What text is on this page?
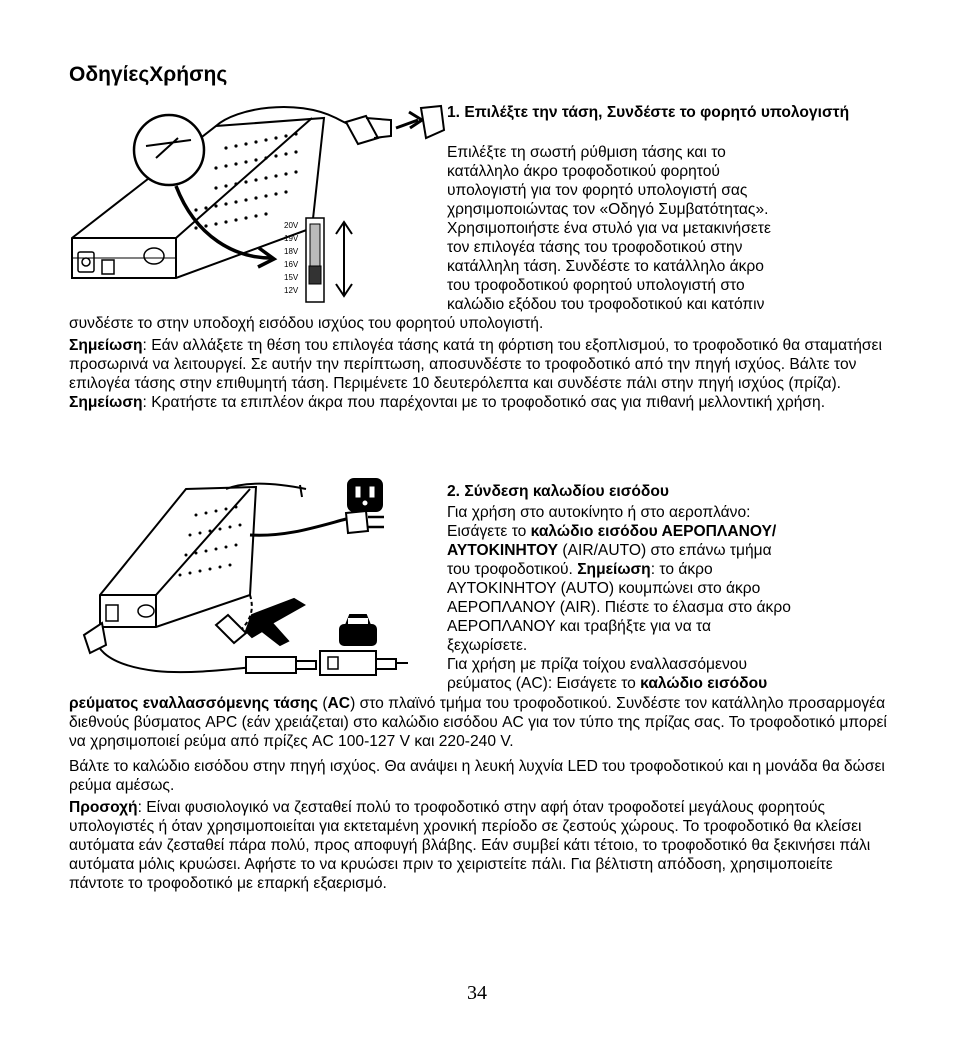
ΟδηγίεςΧρήσης
20V
19V
18V
16V
15V
12V
1. Επιλέξτε την τάση, Συνδέστε το φορητό υπολογιστή
Επιλέξτε τη σωστή ρύθμιση τάσης και το
κατάλληλο άκρο τροφοδοτικού φορητού
υπολογιστή για τον φορητό υπολογιστή σας
χρησιμοποιώντας τον «Οδηγό Συμβατότητας».
Χρησιμοποιήστε ένα στυλό για να μετακινήσετε
τον επιλογέα τάσης του τροφοδοτικού στην
κατάλληλη τάση. Συνδέστε το κατάλληλο άκρο
του τροφοδοτικού φορητού υπολογιστή στο
καλώδιο εξόδου του τροφοδοτικού και κατόπιν
συνδέστε το στην υποδοχή εισόδου ισχύος του φορητού υπολογιστή.
Σημείωση: Εάν αλλάξετε τη θέση του επιλογέα τάσης κατά τη φόρτιση του εξοπλισμού, το τροφοδοτικό θα σταματήσει προσωρινά να λειτουργεί. Σε αυτήν την περίπτωση, αποσυνδέστε το τροφοδοτικό από την πηγή ισχύος. Βάλτε τον επιλογέα τάσης στην επιθυμητή τάση. Περιμένετε 10 δευτερόλεπτα και συνδέστε πάλι στην πηγή ισχύος (πρίζα).
Σημείωση: Κρατήστε τα επιπλέον άκρα που παρέχονται με το τροφοδοτικό σας για πιθανή μελλοντική χρήση.
2. Σύνδεση καλωδίου εισόδου
Για χρήση στο αυτοκίνητο ή στο αεροπλάνο:
Εισάγετε το καλώδιο εισόδου ΑΕΡΟΠΛΑΝΟΥ/
ΑΥΤΟΚΙΝΗΤΟΥ (AIR/AUTO) στο επάνω τμήμα
του τροφοδοτικού. Σημείωση: το άκρο
ΑΥΤΟΚΙΝΗΤΟΥ (AUTO) κουμπώνει στο άκρο
ΑΕΡΟΠΛΑΝΟΥ (AIR). Πιέστε το έλασμα στο άκρο
ΑΕΡΟΠΛΑΝΟΥ και τραβήξτε για να τα
ξεχωρίσετε.
Για χρήση με πρίζα τοίχου εναλλασσόμενου
ρεύματος (AC): Εισάγετε το καλώδιο εισόδου
ρεύματος εναλλασσόμενης τάσης (AC) στο πλαϊνό τμήμα του τροφοδοτικού. Συνδέστε τον κατάλληλο προσαρμογέα διεθνούς βύσματος APC (εάν χρειάζεται) στο καλώδιο εισόδου AC για τον τύπο της πρίζας σας. Το τροφοδοτικό μπορεί να χρησιμοποιεί ρεύμα από πρίζες AC 100-127 V και 220-240 V.
Βάλτε το καλώδιο εισόδου στην πηγή ισχύος. Θα ανάψει η λευκή λυχνία LED του τροφοδοτικού και η μονάδα θα δώσει ρεύμα αμέσως.
Προσοχή: Είναι φυσιολογικό να ζεσταθεί πολύ το τροφοδοτικό στην αφή όταν τροφοδοτεί μεγάλους φορητούς υπολογιστές ή όταν χρησιμοποιείται για εκτεταμένη χρονική περίοδο σε ζεστούς χώρους. Το τροφοδοτικό θα κλείσει αυτόματα εάν ζεσταθεί πάρα πολύ, προς αποφυγή βλάβης. Εάν συμβεί κάτι τέτοιο, το τροφοδοτικό θα ξεκινήσει πάλι αυτόματα μόλις κρυώσει. Αφήστε το να κρυώσει πριν το χειριστείτε πάλι. Για βέλτιστη απόδοση, χρησιμοποιείτε πάντοτε το τροφοδοτικό με επαρκή εξαερισμό.
34
